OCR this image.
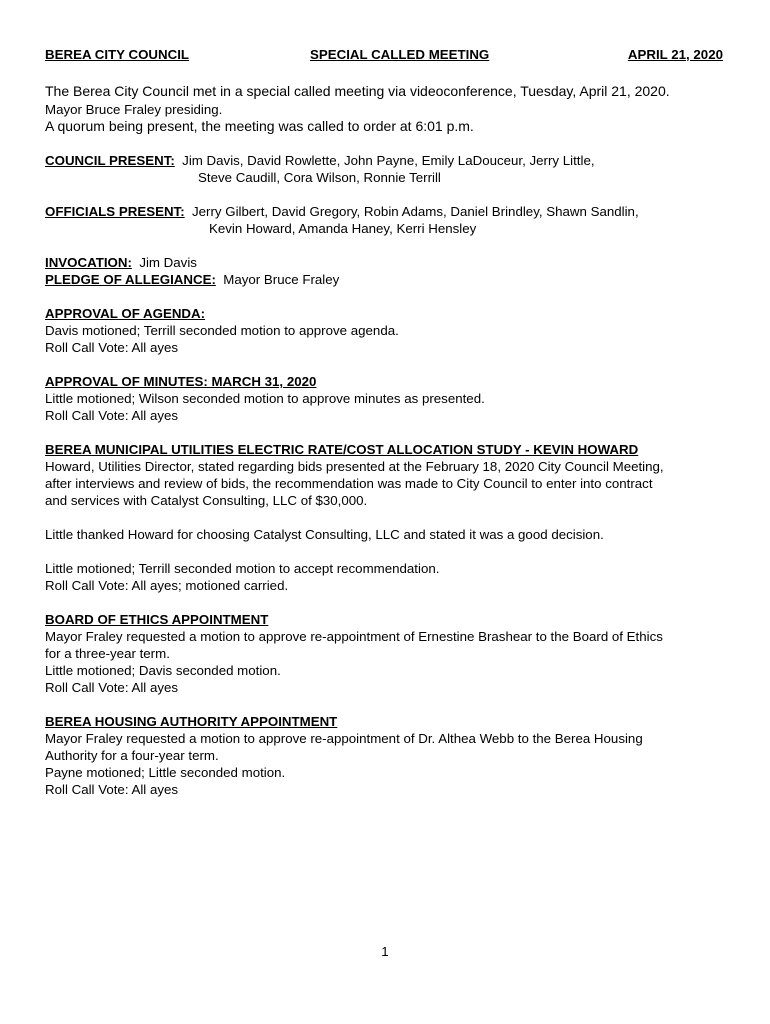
BEREA CITY COUNCIL	SPECIAL CALLED MEETING	APRIL 21, 2020

The Berea City Council met in a special called meeting via videoconference, Tuesday, April 21, 2020.

Mayor Bruce Fraley presiding.

A quorum being present, the meeting was called to order at 6:01 p.m.

COUNCIL PRESENT: Jim Davis, David Rowlette, John Payne, Emily LaDouceur, Jerry Little,

Steve Caudill, Cora Wilson, Ronnie Terrill

OFFICIALS PRESENT: Jerry Gilbert, David Gregory, Robin Adams, Daniel Brindley, Shawn Sandlin,

Kevin Howard, Amanda Haney, Kerri Hensley

INVOCATION: Jim Davis

PLEDGE OF ALLEGIANCE: Mayor Bruce Fraley

APPROVAL OF AGENDA:

Davis motioned; Terrill seconded motion to approve agenda.

Roll Call Vote: All ayes

APPROVAL OF MINUTES: MARCH 31, 2020

Little motioned; Wilson seconded motion to approve minutes as presented.

Roll Call Vote: All ayes

BEREA MUNICIPAL UTILITIES ELECTRIC RATE/COST ALLOCATION STUDY - KEVIN HOWARD

Howard, Utilities Director, stated regarding bids presented at the February 18, 2020 City Council Meeting,

after interviews and review of bids, the recommendation was made to City Council to enter into contract

and services with Catalyst Consulting, LLC of $30,000.

Little thanked Howard for choosing Catalyst Consulting, LLC and stated it was a good decision.

Little motioned; Terrill seconded motion to accept recommendation.

Roll Call Vote: All ayes; motioned carried.

BOARD OF ETHICS APPOINTMENT

Mayor Fraley requested a motion to approve re-appointment of Ernestine Brashear to the Board of Ethics

for a three-year term.

Little motioned; Davis seconded motion.

Roll Call Vote: All ayes

BEREA HOUSING AUTHORITY APPOINTMENT

Mayor Fraley requested a motion to approve re-appointment of Dr. Althea Webb to the Berea Housing

Authority for a four-year term.

Payne motioned; Little seconded motion.

Roll Call Vote: All ayes

1
